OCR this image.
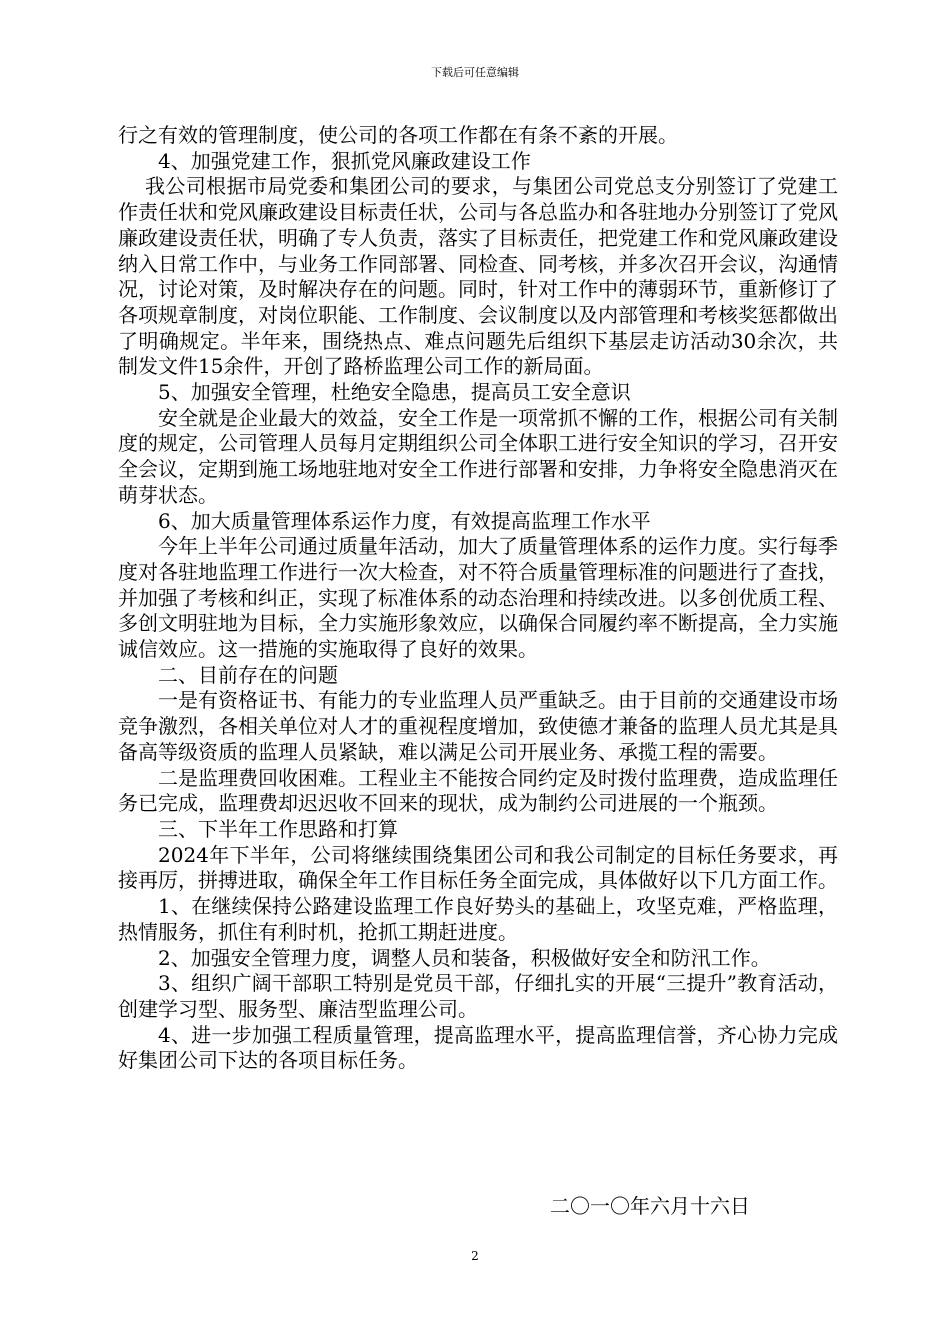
下载后可任意编辑

行之有效的管理制度，使公司的各项工作都在有条不紊的开展。

4、加强党建工作，狠抓党风廉政建设工作

我公司根据市局党委和集团公司的要求，与集团公司党总支分别签订了党建工作责任状和党风廉政建设目标责任状，公司与各总监办和各驻地办分别签订了党风廉政建设责任状，明确了专人负责，落实了目标责任，把党建工作和党风廉政建设纳入日常工作中，与业务工作同部署、同检查、同考核，并多次召开会议，沟通情况，讨论对策，及时解决存在的问题。同时，针对工作中的薄弱环节，重新修订了各项规章制度，对岗位职能、工作制度、会议制度以及内部管理和考核奖惩都做出了明确规定。半年来，围绕热点、难点问题先后组织下基层走访活动30余次，共制发文件15余件，开创了路桥监理公司工作的新局面。

5、加强安全管理，杜绝安全隐患，提高员工安全意识

安全就是企业最大的效益，安全工作是一项常抓不懈的工作，根据公司有关制度的规定，公司管理人员每月定期组织公司全体职工进行安全知识的学习，召开安全会议，定期到施工场地驻地对安全工作进行部署和安排，力争将安全隐患消灭在萌芽状态。

6、加大质量管理体系运作力度，有效提高监理工作水平

今年上半年公司通过质量年活动，加大了质量管理体系的运作力度。实行每季度对各驻地监理工作进行一次大检查，对不符合质量管理标准的问题进行了查找，并加强了考核和纠正，实现了标准体系的动态治理和持续改进。以多创优质工程、多创文明驻地为目标，全力实施形象效应，以确保合同履约率不断提高，全力实施诚信效应。这一措施的实施取得了良好的效果。

二、目前存在的问题

一是有资格证书、有能力的专业监理人员严重缺乏。由于目前的交通建设市场竞争激烈，各相关单位对人才的重视程度增加，致使德才兼备的监理人员尤其是具备高等级资质的监理人员紧缺，难以满足公司开展业务、承揽工程的需要。

二是监理费回收困难。工程业主不能按合同约定及时拨付监理费，造成监理任务已完成，监理费却迟迟收不回来的现状，成为制约公司进展的一个瓶颈。

三、下半年工作思路和打算

2024年下半年，公司将继续围绕集团公司和我公司制定的目标任务要求，再接再厉，拼搏进取，确保全年工作目标任务全面完成，具体做好以下几方面工作。

1、在继续保持公路建设监理工作良好势头的基础上，攻坚克难，严格监理，热情服务，抓住有利时机，抢抓工期赶进度。

2、加强安全管理力度，调整人员和装备，积极做好安全和防汛工作。

3、组织广阔干部职工特别是党员干部，仔细扎实的开展“三提升”教育活动，创建学习型、服务型、廉洁型监理公司。

4、进一步加强工程质量管理，提高监理水平，提高监理信誉，齐心协力完成好集团公司下达的各项目标任务。

二〇一〇年六月十六日
2
